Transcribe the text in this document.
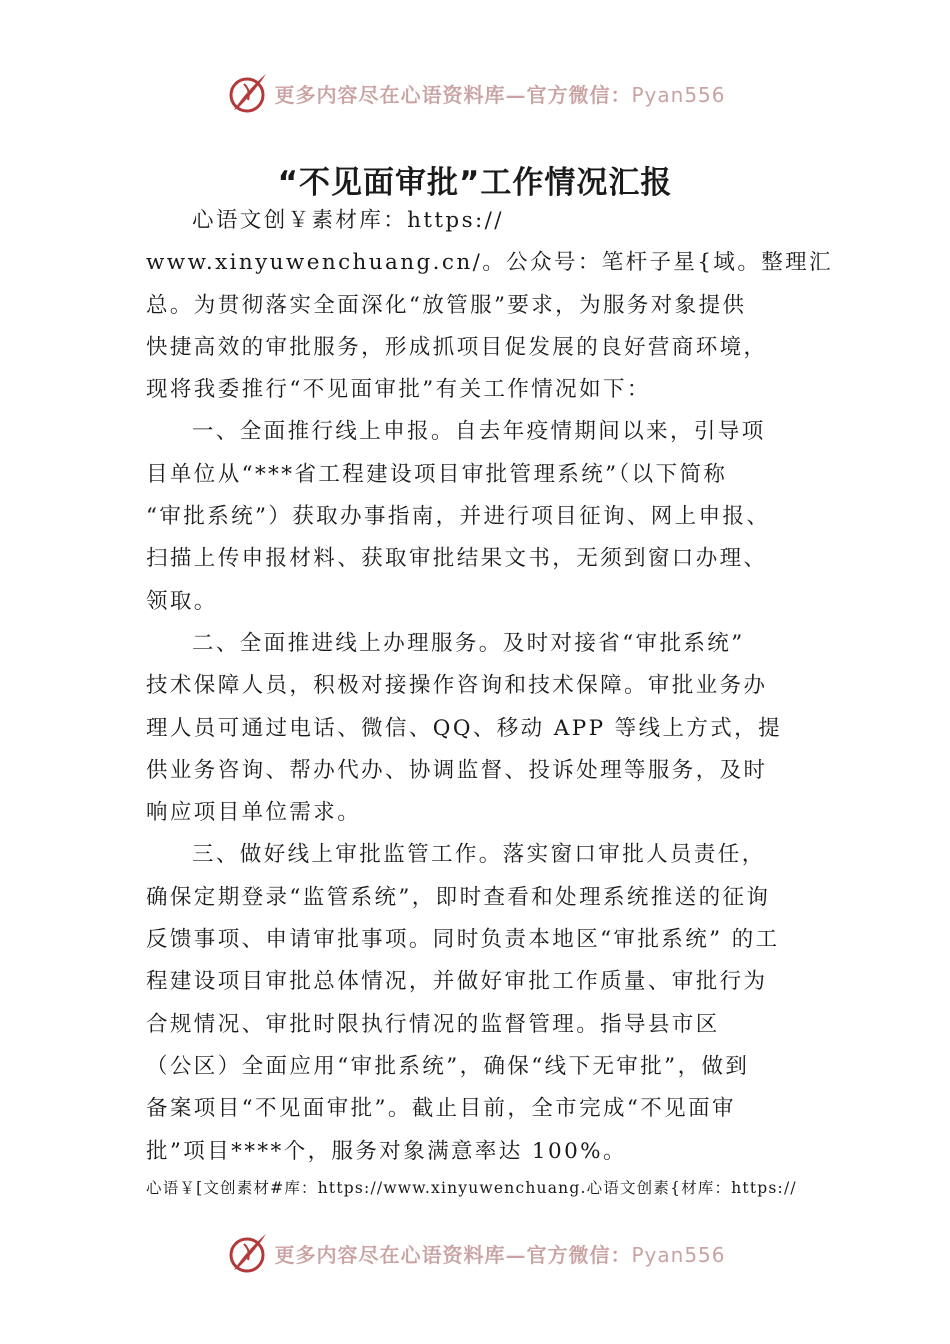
更多内容尽在心语资料库—官方微信：Pyan556
“不见面审批”工作情况汇报
心语文创￥素材库：https://
www.xinyuwenchuang.cn/。公众号：笔杆子星{域。整理汇
总。为贯彻落实全面深化“放管服”要求，为服务对象提供
快捷高效的审批服务，形成抓项目促发展的良好营商环境，
现将我委推行“不见面审批”有关工作情况如下：
一、全面推行线上申报。自去年疫情期间以来，引导项
目单位从“***省工程建设项目审批管理系统”（以下简称
“审批系统”）获取办事指南，并进行项目征询、网上申报、
扫描上传申报材料、获取审批结果文书，无须到窗口办理、
领取。
二、全面推进线上办理服务。及时对接省“审批系统”
技术保障人员，积极对接操作咨询和技术保障。审批业务办
理人员可通过电话、微信、QQ、移动 APP 等线上方式，提
供业务咨询、帮办代办、协调监督、投诉处理等服务，及时
响应项目单位需求。
三、做好线上审批监管工作。落实窗口审批人员责任，
确保定期登录“监管系统”，即时查看和处理系统推送的征询
反馈事项、申请审批事项。同时负责本地区“审批系统” 的工
程建设项目审批总体情况，并做好审批工作质量、审批行为
合规情况、审批时限执行情况的监督管理。指导县市区
（公区）全面应用“审批系统”，确保“线下无审批”，做到
备案项目“不见面审批”。截止目前，全市完成“不见面审
批”项目****个，服务对象满意率达 100%。
心语￥[文创素材#库：https://www.xinyuwenchuang.心语文创素{材库：https://
更多内容尽在心语资料库—官方微信：Pyan556
